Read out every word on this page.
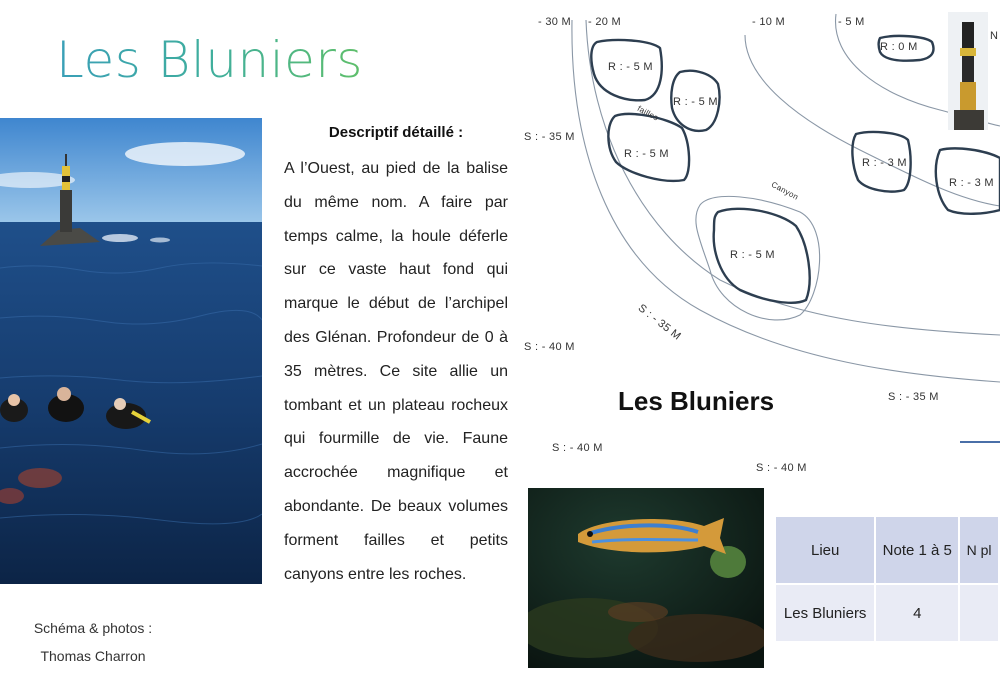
Les Bluniers
Schéma & photos :
Thomas Charron
Descriptif détaillé :
A l’Ouest, au pied de la balise du même nom. A faire par temps calme, la houle déferle sur ce vaste haut fond qui marque le début de l’archipel des Glénan. Profondeur de 0 à 35 mètres. Ce site allie un tombant et un plateau rocheux qui fourmille de vie. Faune accrochée magnifique et abondante. De beaux volumes forment failles et petits canyons entre les roches.
- 30 M - 20 M	- 10 M	- 5 M
R : 0 M
R : - 5 M
R : - 5 M
R : - 5 M
R : - 5 M
R : - 3 M
R : - 3 M
S : - 35 M
S : - 35 M
S : - 40 M
S : - 35 M
S : - 40 M
S : - 40 M
failles
Canyon
Les Bluniers
N
Lieu	Note 1 à 5	N pl
Les Bluniers	4	
